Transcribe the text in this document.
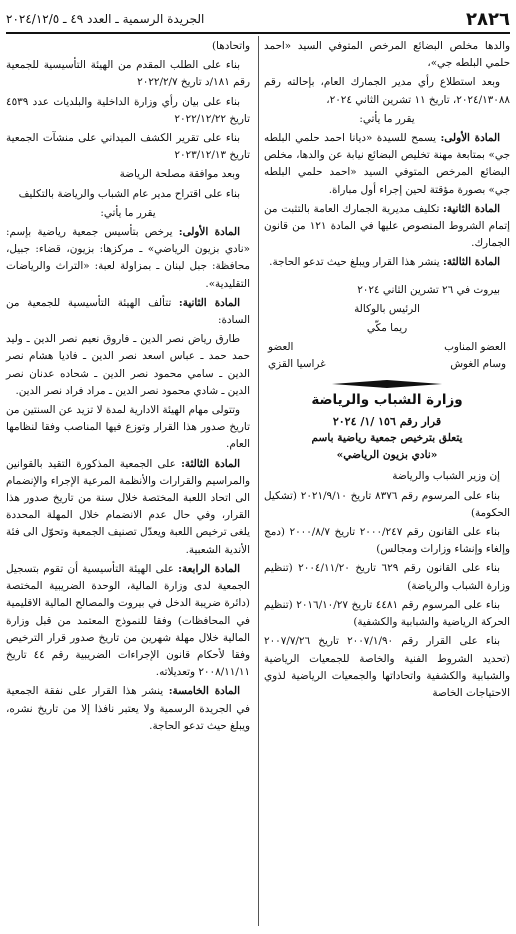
٢٨٢٦
الجريدة الرسمية ـ العدد ٤٩ ـ ٢٠٢٤/١٢/٥

والدها مخلص البضائع المرخص المتوفي السيد «احمد حلمي البلطه جي»،

وبعد استطلاع رأي مدير الجمارك العام، بإحالته رقم ٢٠٢٤/١٣٠٨٨، تاريخ ١١ تشرين الثاني ٢٠٢٤،

يقرر ما يأتي:

المادة الأولى: يسمح للسيدة «ديانا احمد حلمي البلطه جي» بمتابعة مهنة تخليص البضائع نيابة عن والدها، مخلص البضائع المرخص المتوفي السيد «احمد حلمي البلطه جي» بصورة مؤقتة لحين إجراء أول مباراة.

المادة الثانية: تكليف مديرية الجمارك العامة بالتثبت من إتمام الشروط المنصوص عليها في المادة ١٢١ من قانون الجمارك.

المادة الثالثة: ينشر هذا القرار ويبلغ حيث تدعو الحاجة.

بيروت في ٢٦ تشرين الثاني ٢٠٢٤

الرئيس بالوكالة

ريما مكّي

العضو المناوب
العضو
وسام الغوش
غراسيا القزي
وزارة الشباب والرياضة
قرار رقم ١٥٦ /١/ ٢٠٢٤
يتعلق بترخيص جمعية رياضية باسم
«نادي بزيون الرياضي»

إن وزير الشباب والرياضة

بناء على المرسوم رقم ٨٣٧٦ تاريخ ٢٠٢١/٩/١٠ (تشكيل الحكومة)

بناء على القانون رقم ٢٠٠٠/٢٤٧ تاريخ ٢٠٠٠/٨/٧ (دمج وإلغاء وإنشاء وزارات ومجالس)

بناء على القانون رقم ٦٢٩ تاريخ ٢٠٠٤/١١/٢٠ (تنظيم وزارة الشباب والرياضة)

بناء على المرسوم رقم ٤٤٨١ تاريخ ٢٠١٦/١٠/٢٧ (تنظيم الحركة الرياضية والشبابية والكشفية)

بناء على القرار رقم ٢٠٠٧/١/٩٠ تاريخ ٢٠٠٧/٧/٢٦ (تحديد الشروط الفنية والخاصة للجمعيات الرياضية والشبابية والكشفية واتحاداتها والجمعيات الرياضية لذوي الاحتياجات الخاصة

واتحادها)

بناء على الطلب المقدم من الهيئة التأسيسية للجمعية رقم ١٨١/د تاريخ ٢٠٢٢/٢/٧

بناء على بيان رأي وزارة الداخلية والبلديات عدد ٤٥٣٩ تاريخ ٢٠٢٢/١٢/٢٢

بناء على تقرير الكشف الميداني على منشآت الجمعية تاريخ ٢٠٢٣/١٢/١٣

وبعد موافقة مصلحة الرياضة

بناء على اقتراح مدير عام الشباب والرياضة بالتكليف

يقرر ما يأتي:

المادة الأولى: يرخص بتأسيس جمعية رياضية بإسم: «نادي بزيون الرياضي» ـ مركزها: بزيون، قضاء: جبيل، محافظة: جبل لبنان ـ بمزاولة لعبة: «التراث والرياضات التقليدية».

المادة الثانية: تتألف الهيئة التأسيسية للجمعية من السادة:

طارق رياض نصر الدين ـ فاروق نعيم نصر الدين ـ وليد حمد حمد ـ عباس اسعد نصر الدين ـ فاديا هشام نصر الدين ـ سامي محمود نصر الدين ـ شحاده عدنان نصر الدين ـ شادي محمود نصر الدين ـ مراد فراد نصر الدين.

وتتولى مهام الهيئة الادارية لمدة لا تزيد عن السنتين من تاريخ صدور هذا القرار وتوزع فيها المناصب وفقا لنظامها العام.

المادة الثالثة: على الجمعية المذكورة التقيد بالقوانين والمراسيم والقرارات والأنظمة المرعية الإجراء والإنضمام الى اتحاد اللعبة المختصة خلال سنة من تاريخ صدور هذا القرار، وفي حال عدم الانضمام خلال المهلة المحددة يلغى ترخيص اللعبة ويعدّل تصنيف الجمعية وتحوّل الى فئة الأندية الشعبية.

المادة الرابعة: على الهيئة التأسيسية أن تقوم بتسجيل الجمعية لدى وزارة المالية، الوحدة الضريبية المختصة (دائرة ضريبة الدخل في بيروت والمصالح المالية الاقليمية في المحافظات) وفقا للنموذج المعتمد من قبل وزارة المالية خلال مهلة شهرين من تاريخ صدور قرار الترخيص وفقا لأحكام قانون الإجراءات الضريبية رقم ٤٤ تاريخ ٢٠٠٨/١١/١١ وتعديلاته.

المادة الخامسة: ينشر هذا القرار على نفقة الجمعية في الجريدة الرسمية ولا يعتبر نافذا إلا من تاريخ نشره، ويبلغ حيث تدعو الحاجة.
